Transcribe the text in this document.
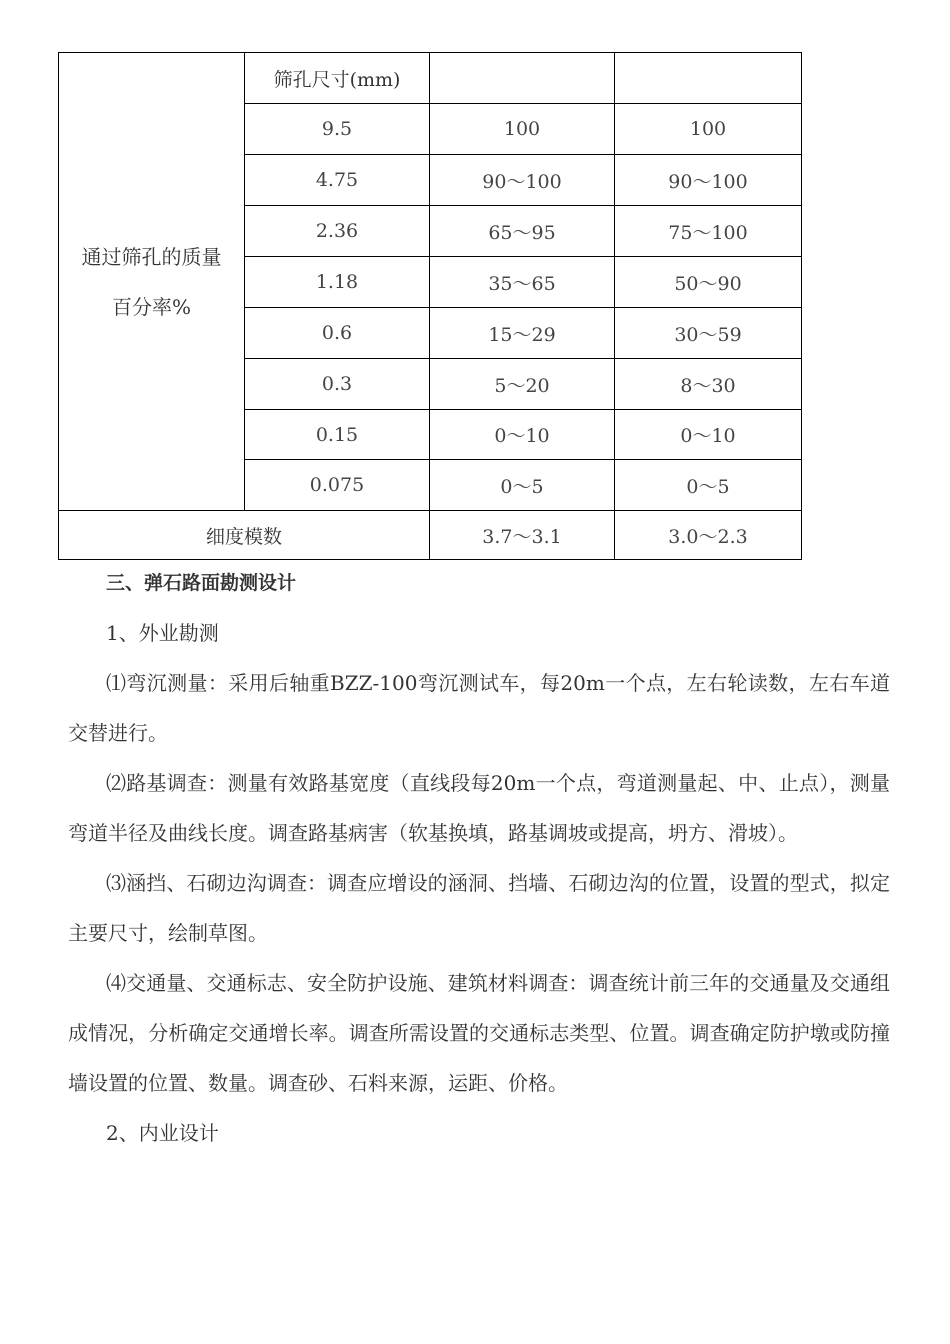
通过筛孔的质量
百分率%	筛孔尺寸(mm)		
	9.5	100	100
	4.75	90～100	90～100
	2.36	65～95	75～100
	1.18	35～65	50～90
	0.6	15～29	30～59
	0.3	5～20	8～30
	0.15	0～10	0～10
	0.075	0～5	0～5
细度模数		3.7～3.1	3.0～2.3

三、弹石路面勘测设计

1、外业勘测

⑴弯沉测量：采用后轴重BZZ-100弯沉测试车，每20m一个点，左右轮读数，左右车道交替进行。

⑵路基调查：测量有效路基宽度（直线段每20m一个点，弯道测量起、中、止点），测量弯道半径及曲线长度。调查路基病害（软基换填，路基调坡或提高，坍方、滑坡）。

⑶涵挡、石砌边沟调查：调查应增设的涵洞、挡墙、石砌边沟的位置，设置的型式，拟定主要尺寸，绘制草图。

⑷交通量、交通标志、安全防护设施、建筑材料调查：调查统计前三年的交通量及交通组成情况，分析确定交通增长率。调查所需设置的交通标志类型、位置。调查确定防护墩或防撞墙设置的位置、数量。调查砂、石料来源，运距、价格。

2、内业设计
